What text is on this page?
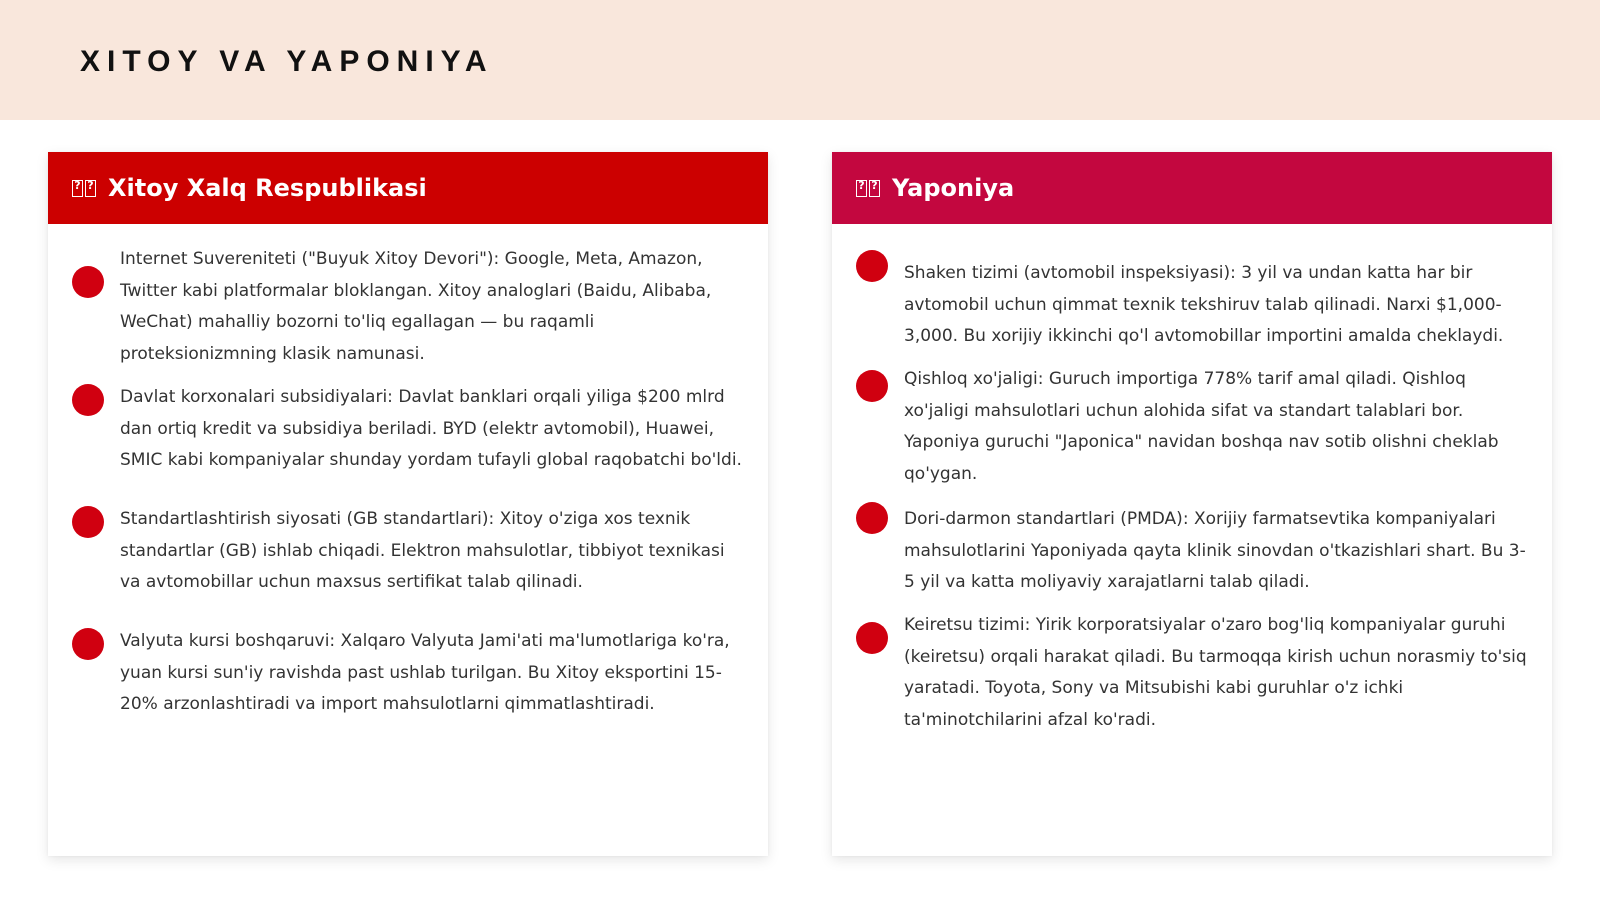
XITOY VA YAPONIYA
?
?
Xitoy Xalq Respublikasi
Internet Suvereniteti ("Buyuk Xitoy Devori"): Google, Meta, Amazon, Twitter kabi platformalar bloklangan. Xitoy analoglari (Baidu, Alibaba, WeChat) mahalliy bozorni to'liq egallagan — bu raqamli proteksionizmning klasik namunasi.
Davlat korxonalari subsidiyalari: Davlat banklari orqali yiliga $200 mlrd dan ortiq kredit va subsidiya beriladi. BYD (elektr avtomobil), Huawei, SMIC kabi kompaniyalar shunday yordam tufayli global raqobatchi bo'ldi.
Standartlashtirish siyosati (GB standartlari): Xitoy o'ziga xos texnik standartlar (GB) ishlab chiqadi. Elektron mahsulotlar, tibbiyot texnikasi va avtomobillar uchun maxsus sertifikat talab qilinadi.
Valyuta kursi boshqaruvi: Xalqaro Valyuta Jami'ati ma'lumotlariga ko'ra, yuan kursi sun'iy ravishda past ushlab turilgan. Bu Xitoy eksportini 15-20% arzonlashtiradi va import mahsulotlarni qimmatlashtiradi.
?
?
Yaponiya
Shaken tizimi (avtomobil inspeksiyasi): 3 yil va undan katta har bir avtomobil uchun qimmat texnik tekshiruv talab qilinadi. Narxi $1,000-3,000. Bu xorijiy ikkinchi qo'l avtomobillar importini amalda cheklaydi.
Qishloq xo'jaligi: Guruch importiga 778% tarif amal qiladi. Qishloq xo'jaligi mahsulotlari uchun alohida sifat va standart talablari bor. Yaponiya guruchi "Japonica" navidan boshqa nav sotib olishni cheklab qo'ygan.
Dori-darmon standartlari (PMDA): Xorijiy farmatsevtika kompaniyalari mahsulotlarini Yaponiyada qayta klinik sinovdan o'tkazishlari shart. Bu 3-5 yil va katta moliyaviy xarajatlarni talab qiladi.
Keiretsu tizimi: Yirik korporatsiyalar o'zaro bog'liq kompaniyalar guruhi (keiretsu) orqali harakat qiladi. Bu tarmoqqa kirish uchun norasmiy to'siq yaratadi. Toyota, Sony va Mitsubishi kabi guruhlar o'z ichki ta'minotchilarini afzal ko'radi.
